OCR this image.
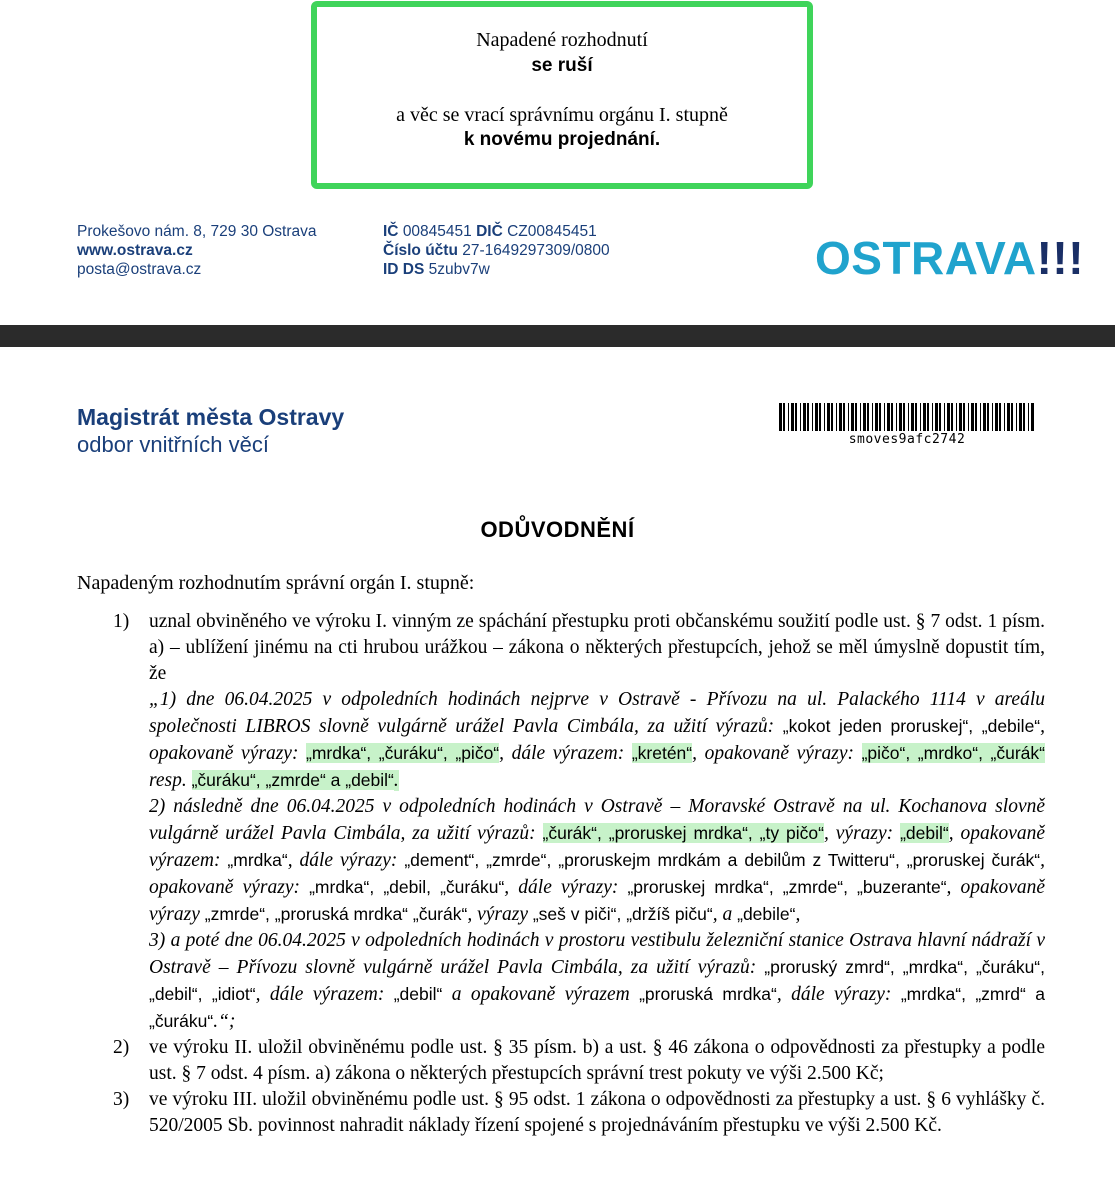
Napadené rozhodnutí
se ruší
a věc se vrací správnímu orgánu I. stupně
k novému projednání.
Prokešovo nám. 8, 729 30 Ostrava
www.ostrava.cz
posta@ostrava.cz
IČ 00845451 DIČ CZ00845451
Číslo účtu 27-1649297309/0800
ID DS 5zubv7w	OSTRAVA!!!
Magistrát města Ostravy
odbor vnitřních věcí	smoves9afc2742
ODŮVODNĚNÍ
Napadeným rozhodnutím správní orgán I. stupně:
1) uznal obviněného ve výroku I. vinným ze spáchání přestupku proti občanskému soužití podle ust. § 7 odst. 1 písm. a) – ublížení jinému na cti hrubou urážkou – zákona o některých přestupcích, jehož se měl úmyslně dopustit tím, že
„1) dne 06.04.2025 v odpoledních hodinách nejprve v Ostravě - Přívozu na ul. Palackého 1114 v areálu společnosti LIBROS slovně vulgárně urážel Pavla Cimbála, za užití výrazů: „kokot jeden proruskej“, „debile“, opakovaně výrazy: „mrdka“, „čuráku“, „pičo“, dále výrazem: „kretén“, opakovaně výrazy: „pičo“, „mrdko“, „čurák“ resp. „čuráku“, „zmrde“ a „debil“.
2) následně dne 06.04.2025 v odpoledních hodinách v Ostravě – Moravské Ostravě na ul. Kochanova slovně vulgárně urážel Pavla Cimbála, za užití výrazů: „čurák“, „proruskej mrdka“, „ty pičo“, výrazy: „debil“, opakovaně výrazem: „mrdka“, dále výrazy: „dement“, „zmrde“, „proruskejm mrdkám a debilům z Twitteru“, „proruskej čurák“, opakovaně výrazy: „mrdka“, „debil, „čuráku“, dále výrazy: „proruskej mrdka“, „zmrde“, „buzerante“, opakovaně výrazy „zmrde“, „proruská mrdka“ „čurák“, výrazy „seš v piči“, „držíš piču“, a „debile“,
3) a poté dne 06.04.2025 v odpoledních hodinách v prostoru vestibulu železniční stanice Ostrava hlavní nádraží v Ostravě – Přívozu slovně vulgárně urážel Pavla Cimbála, za užití výrazů: „proruský zmrd“, „mrdka“, „čuráku“, „debil“, „idiot“, dále výrazem: „debil“ a opakovaně výrazem „proruská mrdka“, dále výrazy: „mrdka“, „zmrd“ a „čuráku“.“;
2) ve výroku II. uložil obviněnému podle ust. § 35 písm. b) a ust. § 46 zákona o odpovědnosti za přestupky a podle ust. § 7 odst. 4 písm. a) zákona o některých přestupcích správní trest pokuty ve výši 2.500 Kč;
3) ve výroku III. uložil obviněnému podle ust. § 95 odst. 1 zákona o odpovědnosti za přestupky a ust. § 6 vyhlášky č. 520/2005 Sb. povinnost nahradit náklady řízení spojené s projednáváním přestupku ve výši 2.500 Kč.
